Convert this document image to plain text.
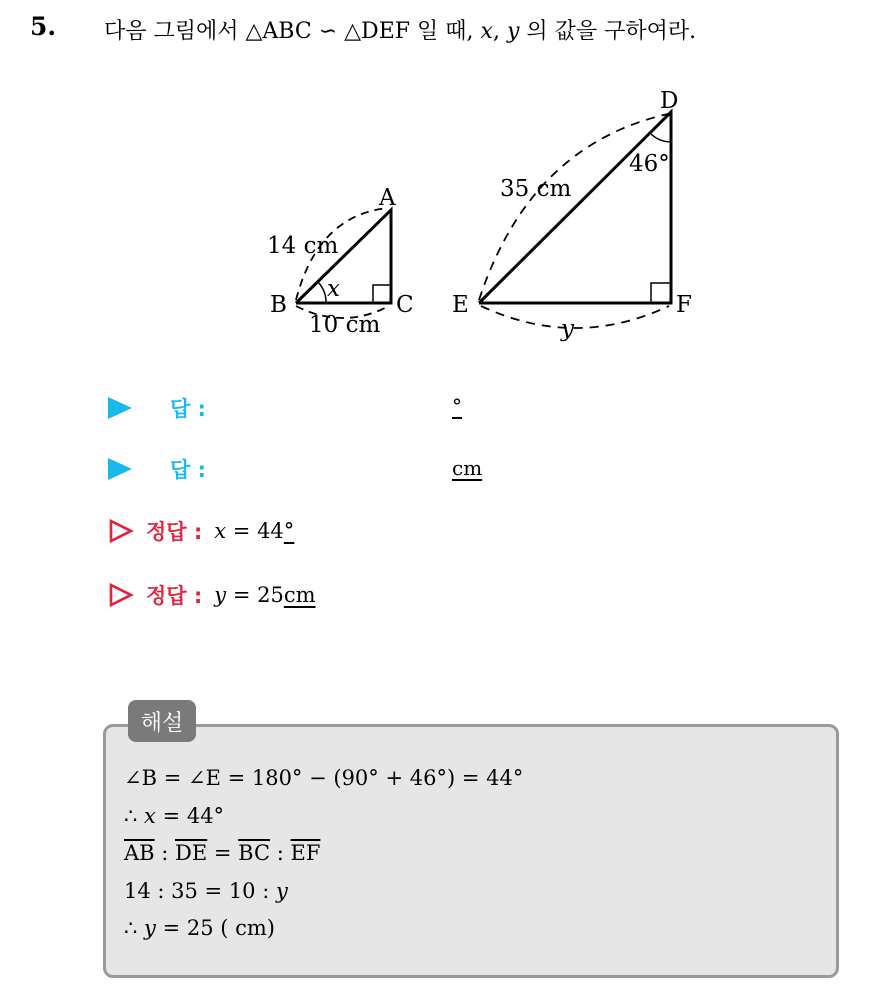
5. 다음 그림에서 △ABC ∽ △DEF 일 때, x, y 의 값을 구하여라.
A
B	C
14 cm
10 cm
x
D
E	F
35 cm
y
46°
답 :	°
답 :	cm
정답 : x = 44°
정답 : y = 25cm
해설
∠B = ∠E = 180° − (90° + 46°) = 44°
∴ x = 44°
$\overline{AB}$ : $\overline{DE} = \overline{BC}$ : $\overline{EF}$
14 : 35 = 10 : y
∴ y = 25 ( cm)
